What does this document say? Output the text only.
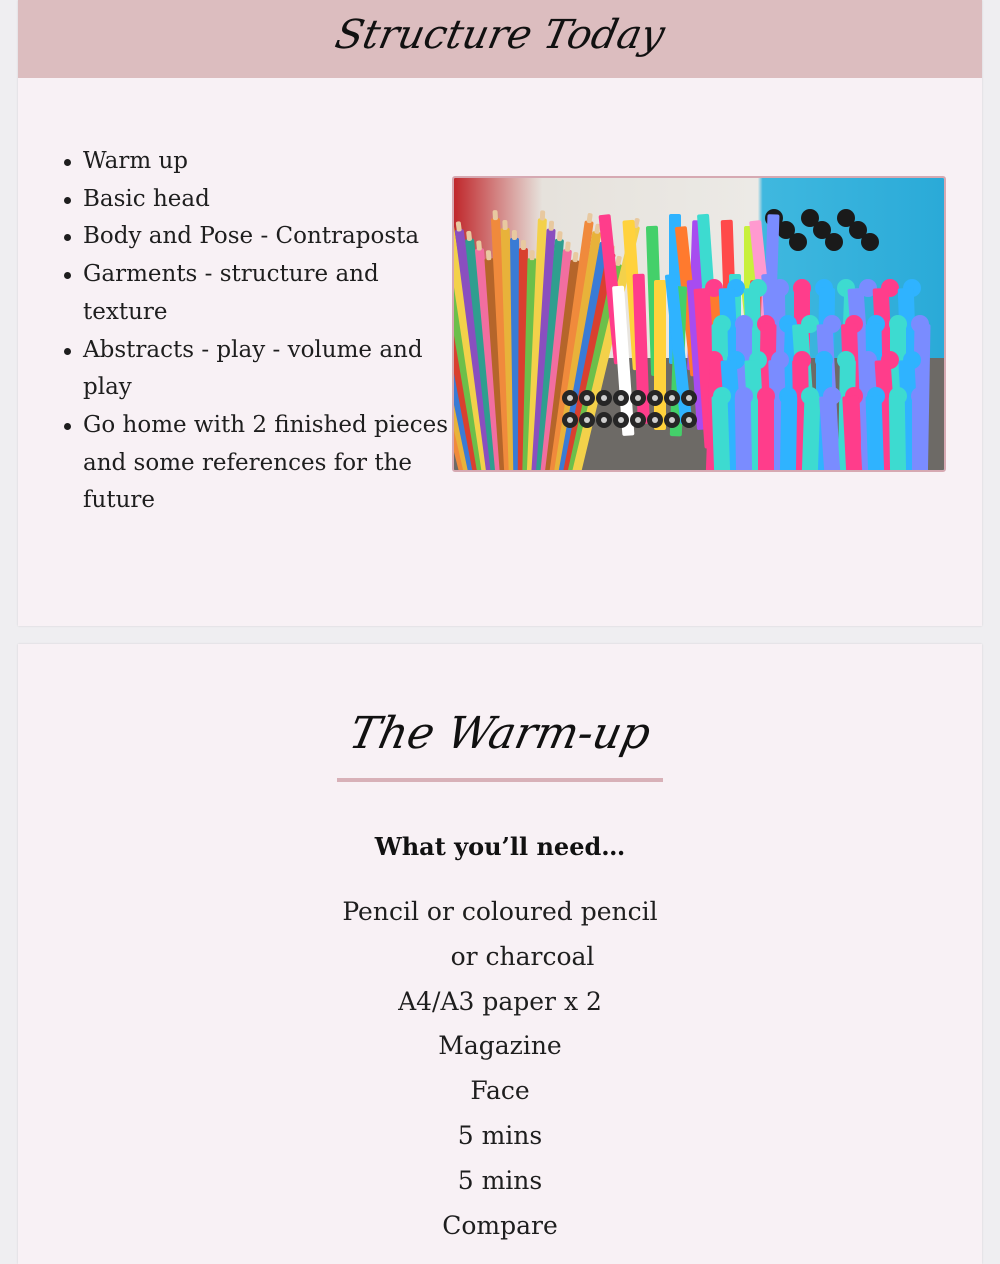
Structure Today
Warm up
Basic head
Body and Pose - Contraposta
Garments - structure and texture
Abstracts - play - volume and play
Go home with 2 finished pieces and some references for the future
The Warm-up
What you’ll need…
Pencil or coloured pencil
or charcoal
A4/A3 paper x 2
Magazine
Face
5 mins
5 mins
Compare
